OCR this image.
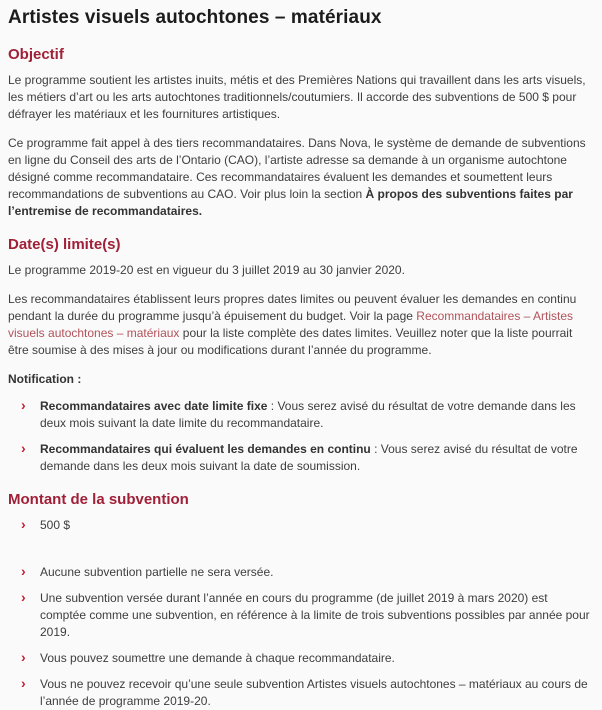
Artistes visuels autochtones – matériaux
Objectif

Le programme soutient les artistes inuits, métis et des Premières Nations qui travaillent dans les arts visuels, les métiers d’art ou les arts autochtones traditionnels/coutumiers. Il accorde des subventions de 500 $ pour défrayer les matériaux et les fournitures artistiques.

Ce programme fait appel à des tiers recommandataires. Dans Nova, le système de demande de subventions en ligne du Conseil des arts de l’Ontario (CAO), l’artiste adresse sa demande à un organisme autochtone désigné comme recommandataire. Ces recommandataires évaluent les demandes et soumettent leurs recommandations de subventions au CAO. Voir plus loin la section À propos des subventions faites par l’entremise de recommandataires.

Date(s) limite(s)

Le programme 2019-20 est en vigueur du 3 juillet 2019 au 30 janvier 2020.

Les recommandataires établissent leurs propres dates limites ou peuvent évaluer les demandes en continu pendant la durée du programme jusqu’à épuisement du budget. Voir la page Recommandataires – Artistes visuels autochtones – matériaux pour la liste complète des dates limites. Veuillez noter que la liste pourrait être soumise à des mises à jour ou modifications durant l’année du programme.

Notification :

› Recommandataires avec date limite fixe : Vous serez avisé du résultat de votre demande dans les deux mois suivant la date limite du recommandataire.
› Recommandataires qui évaluent les demandes en continu : Vous serez avisé du résultat de votre demande dans les deux mois suivant la date de soumission.
Montant de la subvention
› 500 $
› Aucune subvention partielle ne sera versée.
› Une subvention versée durant l’année en cours du programme (de juillet 2019 à mars 2020) est comptée comme une subvention, en référence à la limite de trois subventions possibles par année pour 2019.
› Vous pouvez soumettre une demande à chaque recommandataire.
› Vous ne pouvez recevoir qu’une seule subvention Artistes visuels autochtones – matériaux au cours de l’année de programme 2019-20.
